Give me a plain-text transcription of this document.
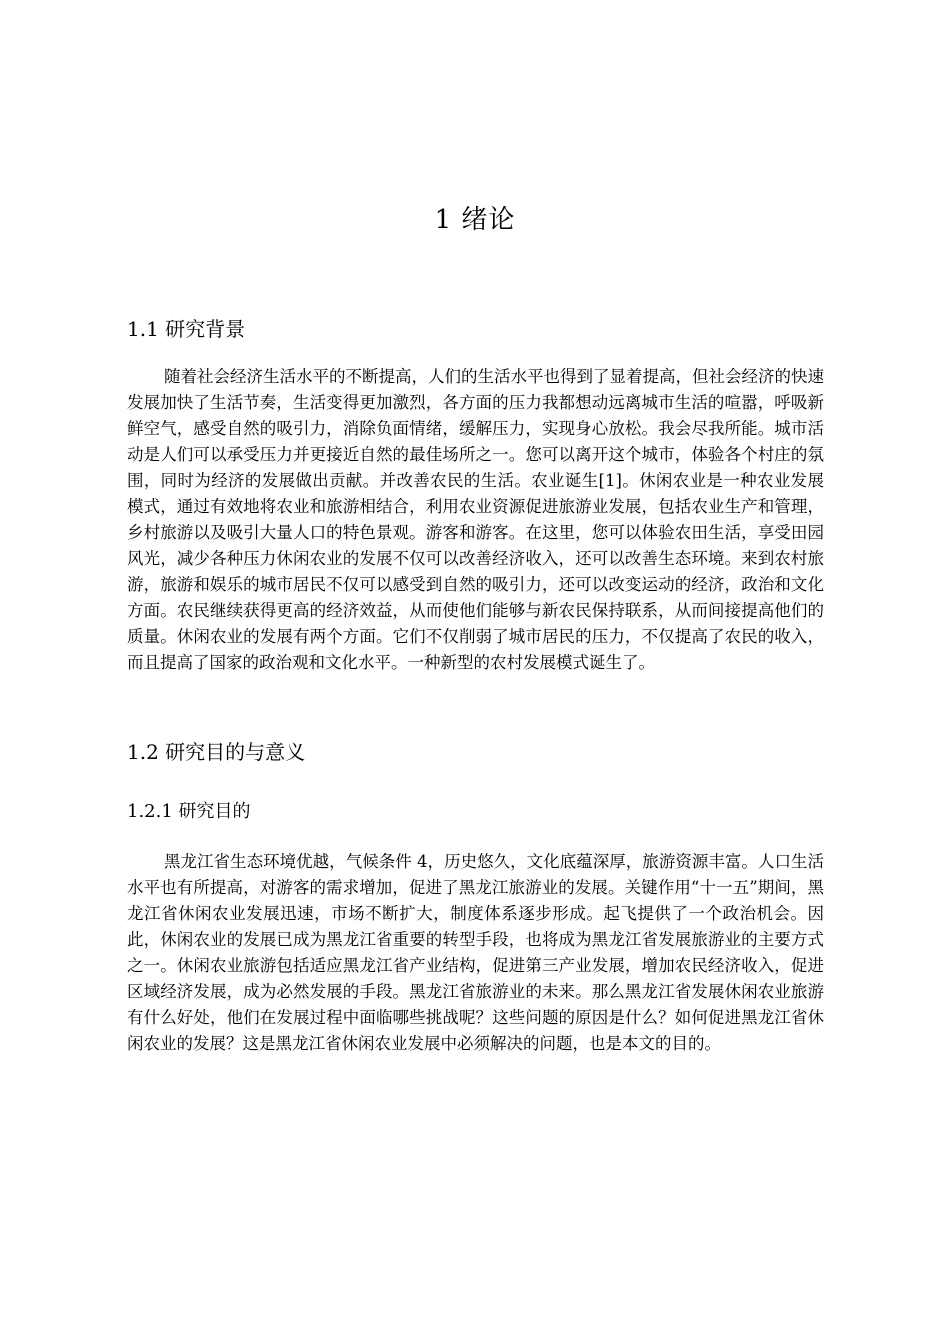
1 绪论
1.1 研究背景

随着社会经济生活水平的不断提高，人们的生活水平也得到了显着提高，但社会经济的快速发展加快了生活节奏，生活变得更加激烈，各方面的压力我都想动远离城市生活的喧嚣，呼吸新鲜空气，感受自然的吸引力，消除负面情绪，缓解压力，实现身心放松。我会尽我所能。城市活动是人们可以承受压力并更接近自然的最佳场所之一。您可以离开这个城市，体验各个村庄的氛围，同时为经济的发展做出贡献。并改善农民的生活。农业诞生[1]。休闲农业是一种农业发展模式，通过有效地将农业和旅游相结合，利用农业资源促进旅游业发展，包括农业生产和管理，乡村旅游以及吸引大量人口的特色景观。游客和游客。在这里，您可以体验农田生活，享受田园风光，减少各种压力休闲农业的发展不仅可以改善经济收入，还可以改善生态环境。来到农村旅游，旅游和娱乐的城市居民不仅可以感受到自然的吸引力，还可以改变运动的经济，政治和文化方面。农民继续获得更高的经济效益，从而使他们能够与新农民保持联系，从而间接提高他们的质量。休闲农业的发展有两个方面。它们不仅削弱了城市居民的压力，不仅提高了农民的收入，而且提高了国家的政治观和文化水平。一种新型的农村发展模式诞生了。

1.2 研究目的与意义
1.2.1 研究目的

黑龙江省生态环境优越，气候条件 4，历史悠久，文化底蕴深厚，旅游资源丰富。人口生活水平也有所提高，对游客的需求增加，促进了黑龙江旅游业的发展。关键作用“十一五”期间，黑龙江省休闲农业发展迅速，市场不断扩大，制度体系逐步形成。起飞提供了一个政治机会。因此，休闲农业的发展已成为黑龙江省重要的转型手段，也将成为黑龙江省发展旅游业的主要方式之一。休闲农业旅游包括适应黑龙江省产业结构，促进第三产业发展，增加农民经济收入，促进区域经济发展，成为必然发展的手段。黑龙江省旅游业的未来。那么黑龙江省发展休闲农业旅游有什么好处，他们在发展过程中面临哪些挑战呢？这些问题的原因是什么？如何促进黑龙江省休闲农业的发展？这是黑龙江省休闲农业发展中必须解决的问题，也是本文的目的。
